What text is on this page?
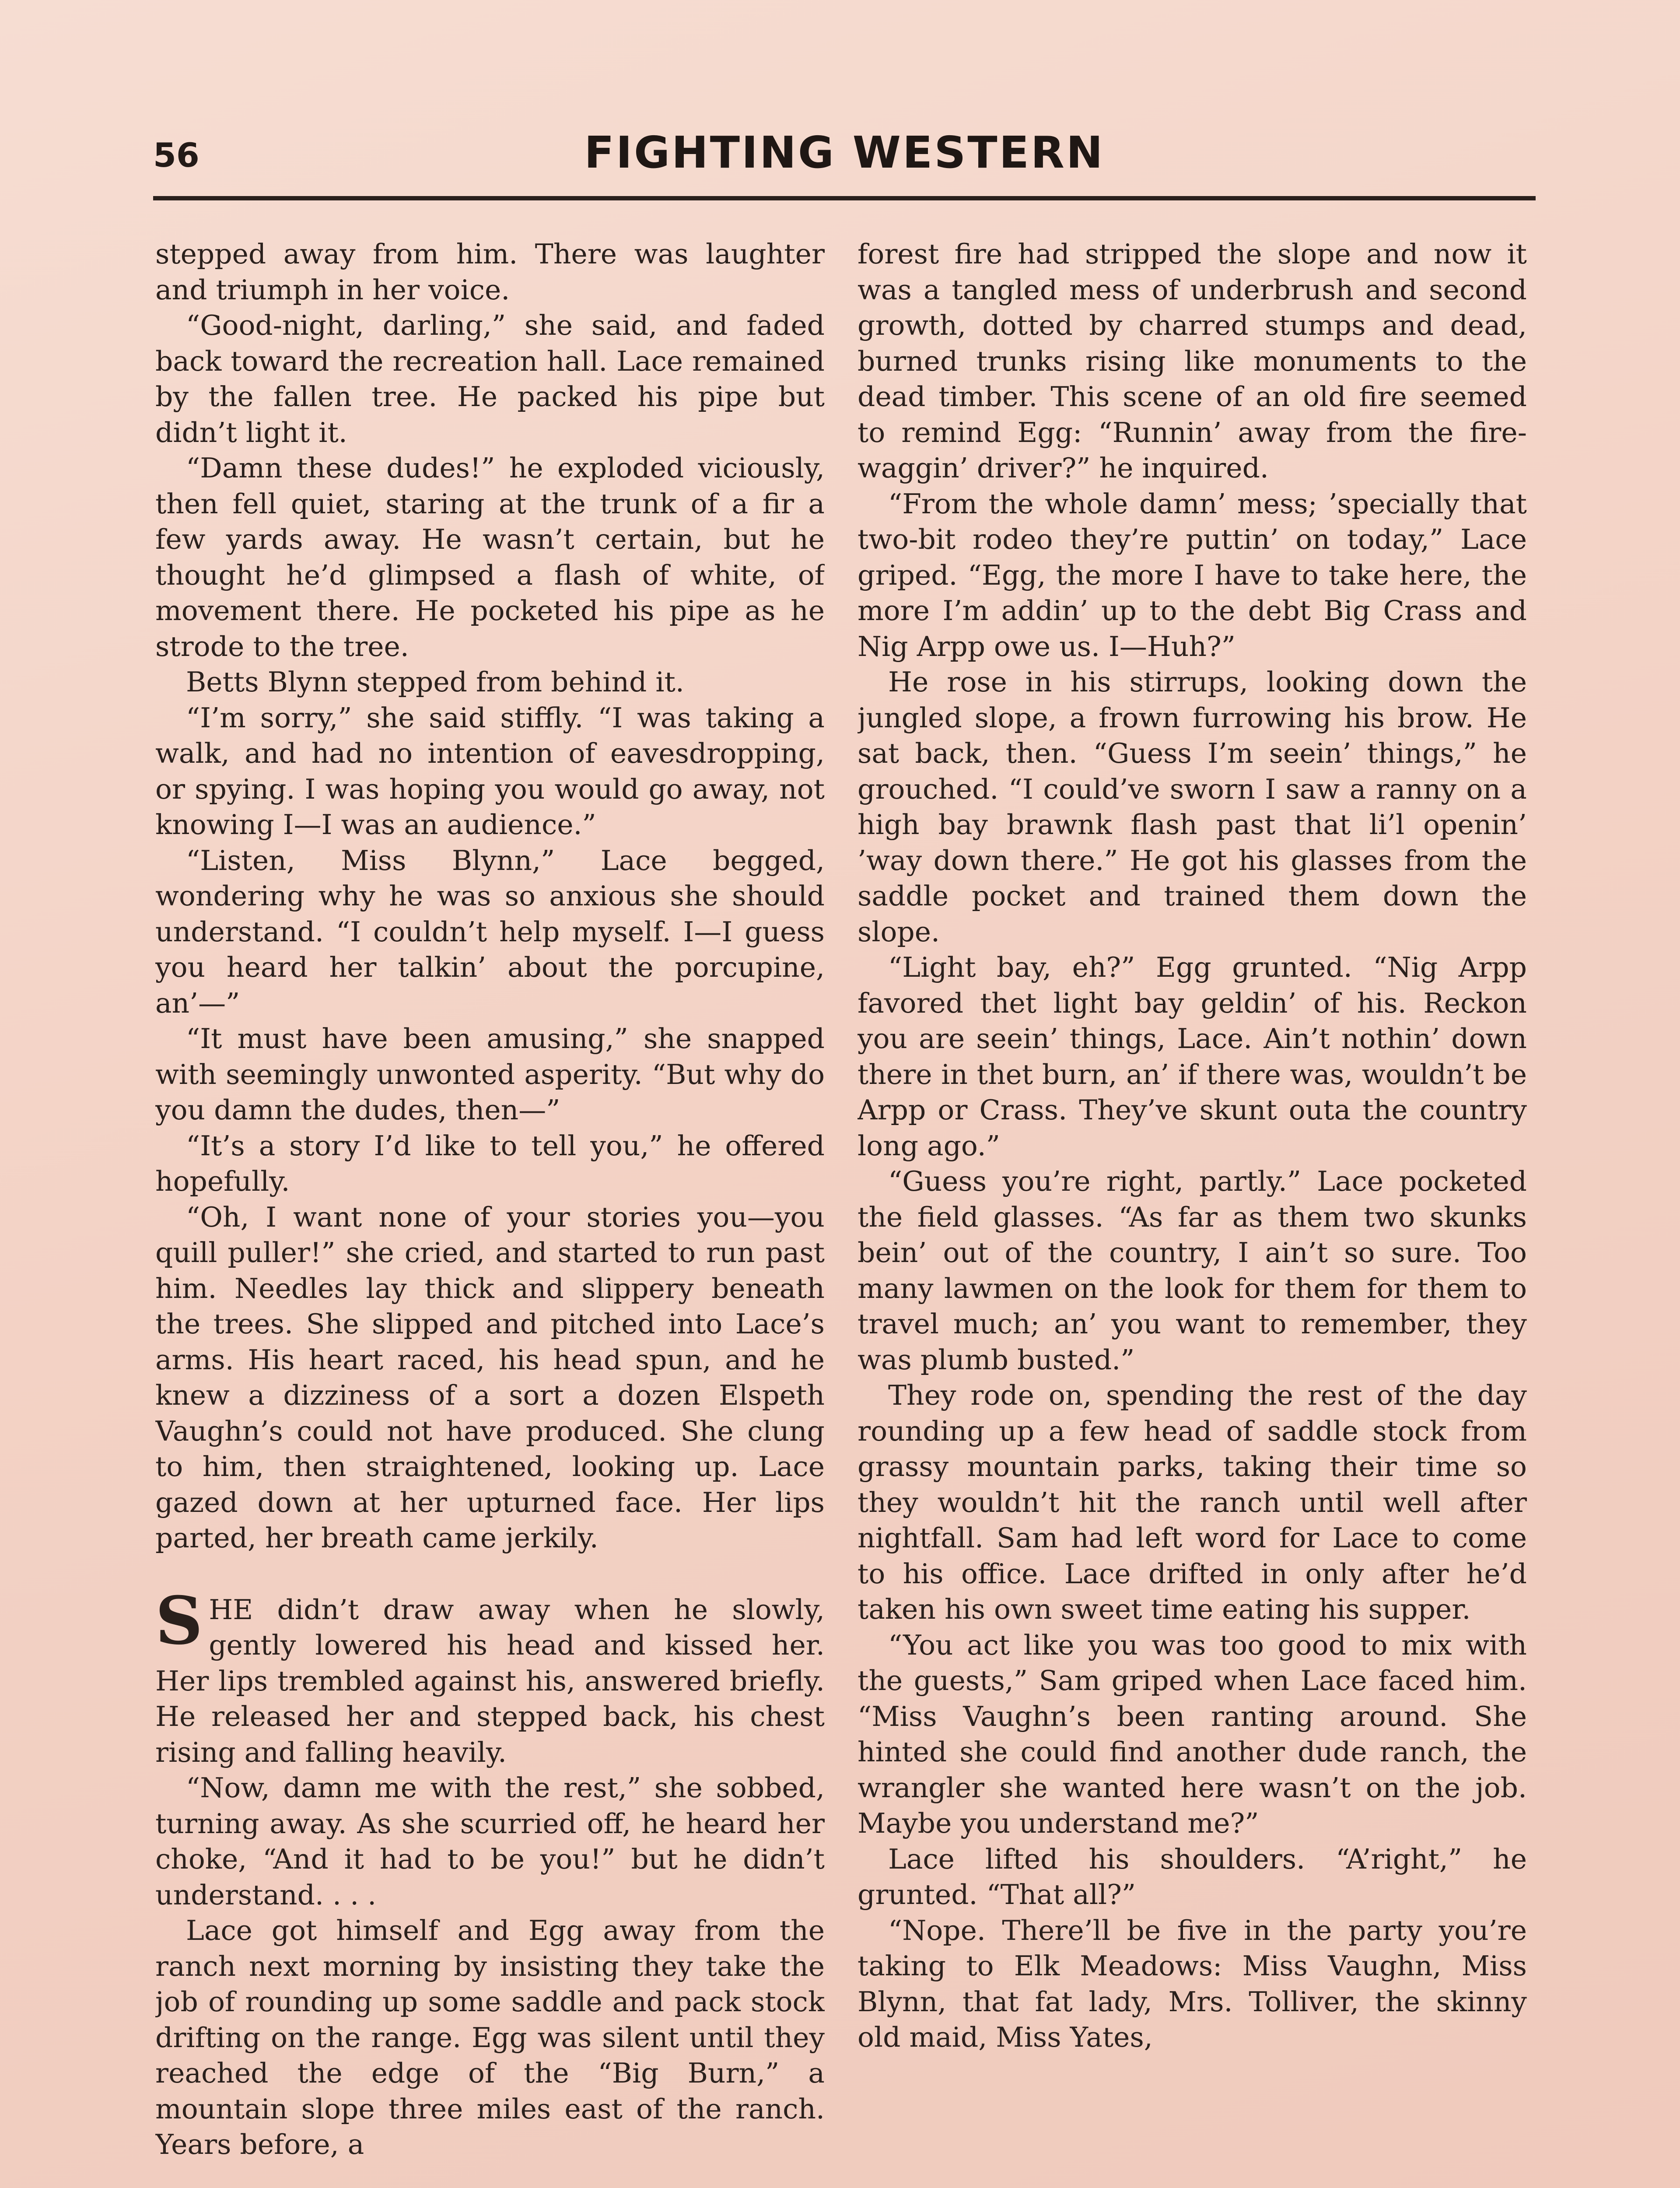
56	FIGHTING WESTERN

stepped away from him. There was laughter and triumph in her voice.

“Good-night, darling,” she said, and faded back toward the recreation hall. Lace remained by the fallen tree. He packed his pipe but didn’t light it.

“Damn these dudes!” he exploded viciously, then fell quiet, staring at the trunk of a fir a few yards away. He wasn’t certain, but he thought he’d glimpsed a flash of white, of movement there. He pocketed his pipe as he strode to the tree.

Betts Blynn stepped from behind it.

“I’m sorry,” she said stiffly. “I was taking a walk, and had no intention of eavesdropping, or spying. I was hoping you would go away, not knowing I—I was an audience.”

“Listen, Miss Blynn,” Lace begged, wondering why he was so anxious she should understand. “I couldn’t help myself. I—I guess you heard her talkin’ about the porcupine, an’—”

“It must have been amusing,” she snapped with seemingly unwonted asperity. “But why do you damn the dudes, then—”

“It’s a story I’d like to tell you,” he offered hopefully.

“Oh, I want none of your stories you—you quill puller!” she cried, and started to run past him. Needles lay thick and slippery beneath the trees. She slipped and pitched into Lace’s arms. His heart raced, his head spun, and he knew a dizziness of a sort a dozen Elspeth Vaughn’s could not have produced. She clung to him, then straightened, looking up. Lace gazed down at her upturned face. Her lips parted, her breath came jerkily.

SHE didn’t draw away when he slowly, gently lowered his head and kissed her. Her lips trembled against his, answered briefly. He released her and stepped back, his chest rising and falling heavily.

“Now, damn me with the rest,” she sobbed, turning away. As she scurried off, he heard her choke, “And it had to be you!” but he didn’t understand. . . .

Lace got himself and Egg away from the ranch next morning by insisting they take the job of rounding up some saddle and pack stock drifting on the range. Egg was silent until they reached the edge of the “Big Burn,” a mountain slope three miles east of the ranch. Years before, a

forest fire had stripped the slope and now it was a tangled mess of underbrush and second growth, dotted by charred stumps and dead, burned trunks rising like monuments to the dead timber. This scene of an old fire seemed to remind Egg: “Runnin’ away from the fire-waggin’ driver?” he inquired.

“From the whole damn’ mess; ’specially that two-bit rodeo they’re puttin’ on today,” Lace griped. “Egg, the more I have to take here, the more I’m addin’ up to the debt Big Crass and Nig Arpp owe us. I—Huh?”

He rose in his stirrups, looking down the jungled slope, a frown furrowing his brow. He sat back, then. “Guess I’m seein’ things,” he grouched. “I could’ve sworn I saw a ranny on a high bay brawnk flash past that li’l openin’ ’way down there.” He got his glasses from the saddle pocket and trained them down the slope.

“Light bay, eh?” Egg grunted. “Nig Arpp favored thet light bay geldin’ of his. Reckon you are seein’ things, Lace. Ain’t nothin’ down there in thet burn, an’ if there was, wouldn’t be Arpp or Crass. They’ve skunt outa the country long ago.”

“Guess you’re right, partly.” Lace pocketed the field glasses. “As far as them two skunks bein’ out of the country, I ain’t so sure. Too many lawmen on the look for them for them to travel much; an’ you want to remember, they was plumb busted.”

They rode on, spending the rest of the day rounding up a few head of saddle stock from grassy mountain parks, taking their time so they wouldn’t hit the ranch until well after nightfall. Sam had left word for Lace to come to his office. Lace drifted in only after he’d taken his own sweet time eating his supper.

“You act like you was too good to mix with the guests,” Sam griped when Lace faced him. “Miss Vaughn’s been ranting around. She hinted she could find another dude ranch, the wrangler she wanted here wasn’t on the job. Maybe you understand me?”

Lace lifted his shoulders. “A’right,” he grunted. “That all?”

“Nope. There’ll be five in the party you’re taking to Elk Meadows: Miss Vaughn, Miss Blynn, that fat lady, Mrs. Tolliver, the skinny old maid, Miss Yates,
